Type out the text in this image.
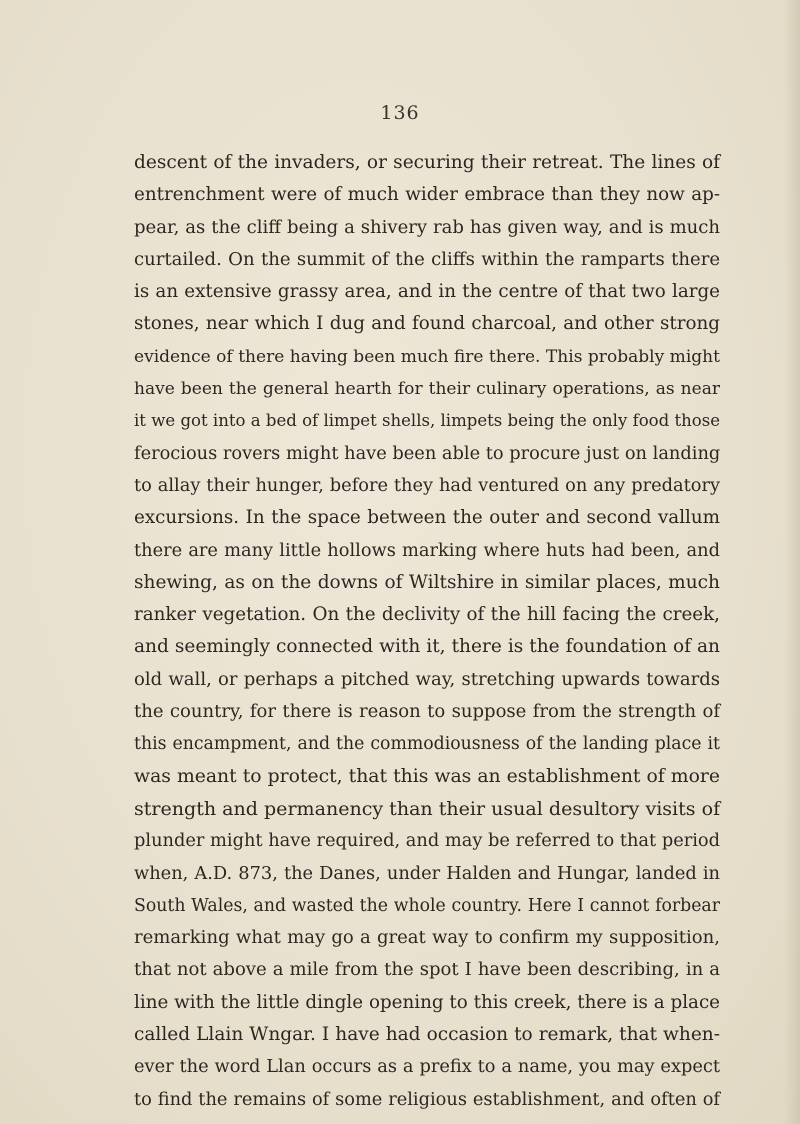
136
descent of the invaders, or securing their retreat. The lines of
entrenchment were of much wider embrace than they now ap-
pear, as the cliff being a shivery rab has given way, and is much
curtailed. On the summit of the cliffs within the ramparts there
is an extensive grassy area, and in the centre of that two large
stones, near which I dug and found charcoal, and other strong
evidence of there having been much fire there. This probably might
have been the general hearth for their culinary operations, as near
it we got into a bed of limpet shells, limpets being the only food those
ferocious rovers might have been able to procure just on landing
to allay their hunger, before they had ventured on any predatory
excursions. In the space between the outer and second vallum
there are many little hollows marking where huts had been, and
shewing, as on the downs of Wiltshire in similar places, much
ranker vegetation. On the declivity of the hill facing the creek,
and seemingly connected with it, there is the foundation of an
old wall, or perhaps a pitched way, stretching upwards towards
the country, for there is reason to suppose from the strength of
this encampment, and the commodiousness of the landing place it
was meant to protect, that this was an establishment of more
strength and permanency than their usual desultory visits of
plunder might have required, and may be referred to that period
when, A.D. 873, the Danes, under Halden and Hungar, landed in
South Wales, and wasted the whole country. Here I cannot forbear
remarking what may go a great way to confirm my supposition,
that not above a mile from the spot I have been describing, in a
line with the little dingle opening to this creek, there is a place
called Llain Wngar. I have had occasion to remark, that when-
ever the word Llan occurs as a prefix to a name, you may expect
to find the remains of some religious establishment, and often of
